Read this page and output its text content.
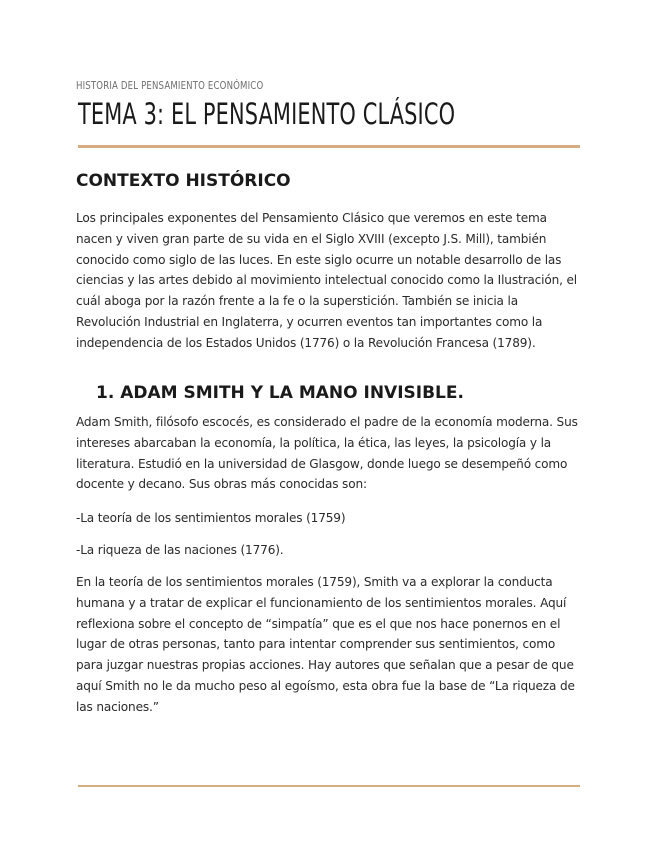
HISTORIA DEL PENSAMIENTO ECONÓMICO
TEMA 3: EL PENSAMIENTO CLÁSICO
CONTEXTO HISTÓRICO

Los principales exponentes del Pensamiento Clásico que veremos en este tema nacen y viven gran parte de su vida en el Siglo XVIII (excepto J.S. Mill), también conocido como siglo de las luces. En este siglo ocurre un notable desarrollo de las ciencias y las artes debido al movimiento intelectual conocido como la Ilustración, el cuál aboga por la razón frente a la fe o la superstición. También se inicia la Revolución Industrial en Inglaterra, y ocurren eventos tan importantes como la independencia de los Estados Unidos (1776) o la Revolución Francesa (1789).

1. ADAM SMITH Y LA MANO INVISIBLE.

Adam Smith, filósofo escocés, es considerado el padre de la economía moderna. Sus intereses abarcaban la economía, la política, la ética, las leyes, la psicología y la literatura. Estudió en la universidad de Glasgow, donde luego se desempeñó como docente y decano. Sus obras más conocidas son:

-La teoría de los sentimientos morales (1759)

-La riqueza de las naciones (1776).

En la teoría de los sentimientos morales (1759), Smith va a explorar la conducta humana y a tratar de explicar el funcionamiento de los sentimientos morales. Aquí reflexiona sobre el concepto de “simpatía” que es el que nos hace ponernos en el lugar de otras personas, tanto para intentar comprender sus sentimientos, como para juzgar nuestras propias acciones. Hay autores que señalan que a pesar de que aquí Smith no le da mucho peso al egoísmo, esta obra fue la base de “La riqueza de las naciones.”
